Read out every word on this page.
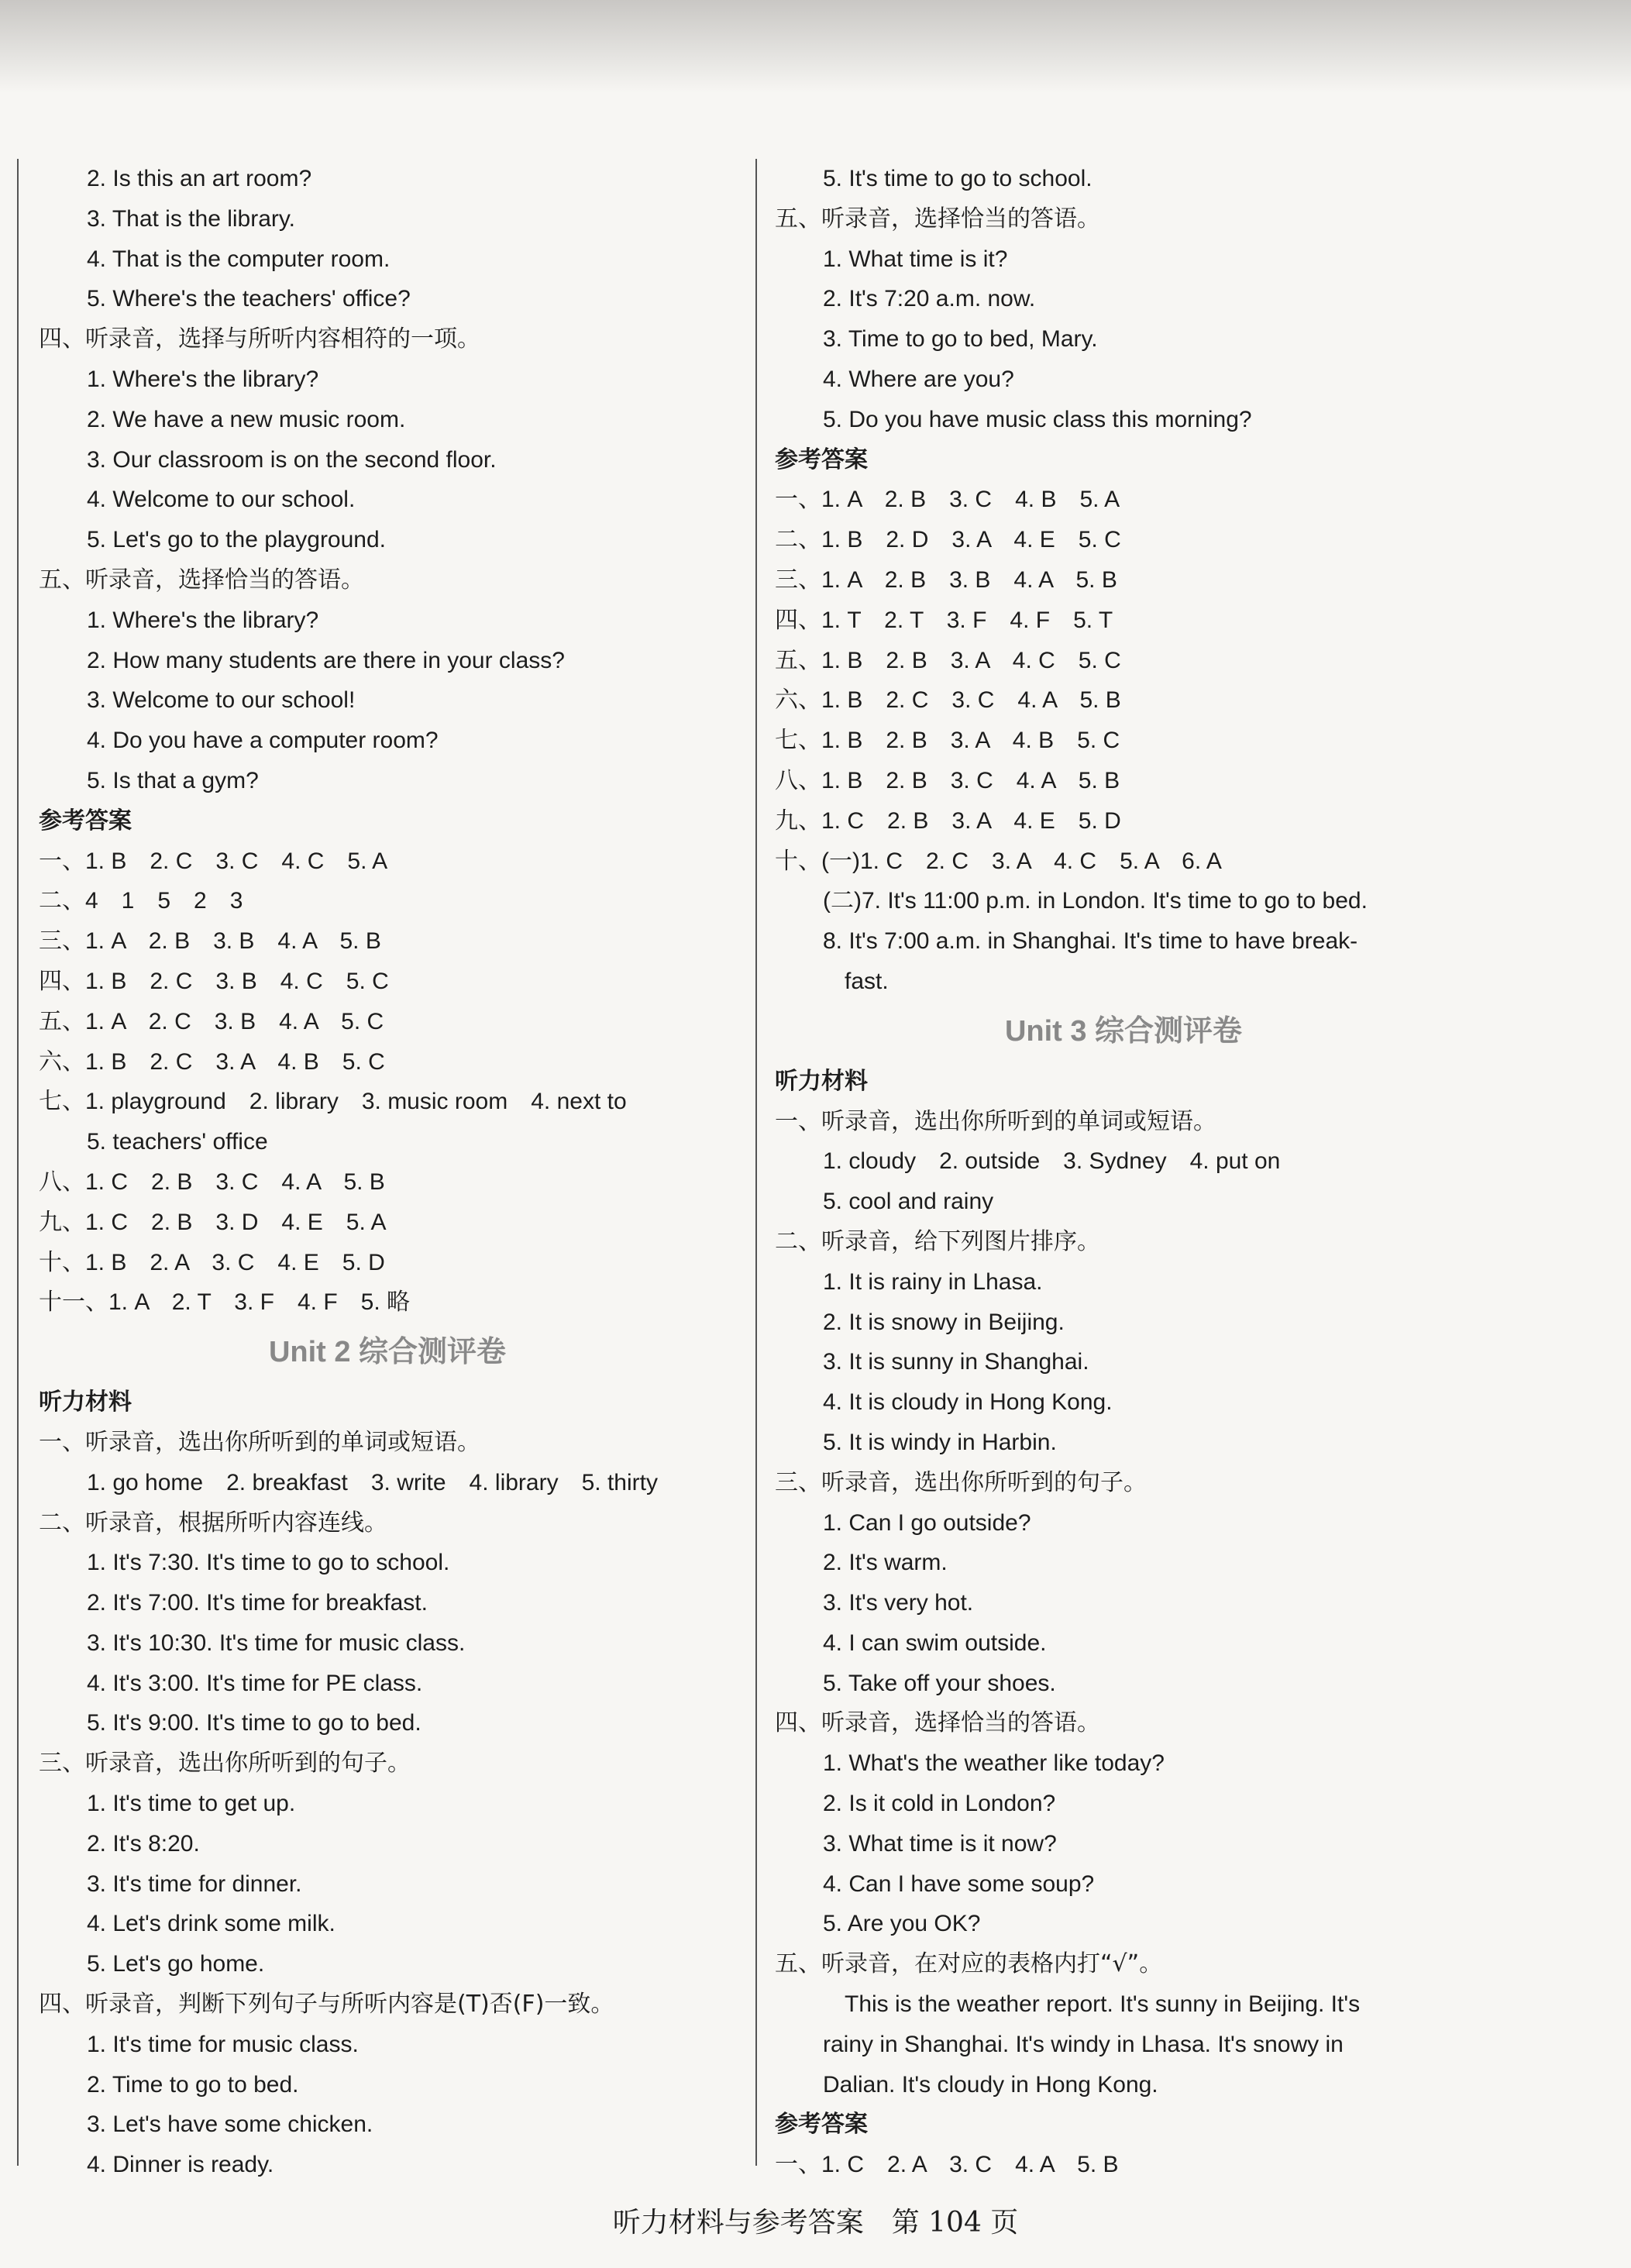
2. Is this an art room?
3. That is the library.
4. That is the computer room.
5. Where's the teachers' office?
四、听录音，选择与所听内容相符的一项。
1. Where's the library?
2. We have a new music room.
3. Our classroom is on the second floor.
4. Welcome to our school.
5. Let's go to the playground.
五、听录音，选择恰当的答语。
1. Where's the library?
2. How many students are there in your class?
3. Welcome to our school!
4. Do you have a computer room?
5. Is that a gym?
参考答案
一、1. B　2. C　3. C　4. C　5. A
二、4　1　5　2　3
三、1. A　2. B　3. B　4. A　5. B
四、1. B　2. C　3. B　4. C　5. C
五、1. A　2. C　3. B　4. A　5. C
六、1. B　2. C　3. A　4. B　5. C
七、1. playground　2. library　3. music room　4. next to
5. teachers' office
八、1. C　2. B　3. C　4. A　5. B
九、1. C　2. B　3. D　4. E　5. A
十、1. B　2. A　3. C　4. E　5. D
十一、1. A　2. T　3. F　4. F　5. 略
Unit 2 综合测评卷
听力材料
一、听录音，选出你所听到的单词或短语。
1. go home　2. breakfast　3. write　4. library　5. thirty
二、听录音，根据所听内容连线。
1. It's 7:30. It's time to go to school.
2. It's 7:00. It's time for breakfast.
3. It's 10:30. It's time for music class.
4. It's 3:00. It's time for PE class.
5. It's 9:00. It's time to go to bed.
三、听录音，选出你所听到的句子。
1. It's time to get up.
2. It's 8:20.
3. It's time for dinner.
4. Let's drink some milk.
5. Let's go home.
四、听录音，判断下列句子与所听内容是(T)否(F)一致。
1. It's time for music class.
2. Time to go to bed.
3. Let's have some chicken.
4. Dinner is ready.
5. It's time to go to school.
五、听录音，选择恰当的答语。
1. What time is it?
2. It's 7:20 a.m. now.
3. Time to go to bed, Mary.
4. Where are you?
5. Do you have music class this morning?
参考答案
一、1. A　2. B　3. C　4. B　5. A
二、1. B　2. D　3. A　4. E　5. C
三、1. A　2. B　3. B　4. A　5. B
四、1. T　2. T　3. F　4. F　5. T
五、1. B　2. B　3. A　4. C　5. C
六、1. B　2. C　3. C　4. A　5. B
七、1. B　2. B　3. A　4. B　5. C
八、1. B　2. B　3. C　4. A　5. B
九、1. C　2. B　3. A　4. E　5. D
十、(一)1. C　2. C　3. A　4. C　5. A　6. A
(二)7. It's 11:00 p.m. in London. It's time to go to bed.
8. It's 7:00 a.m. in Shanghai. It's time to have break-
fast.
Unit 3 综合测评卷
听力材料
一、听录音，选出你所听到的单词或短语。
1. cloudy　2. outside　3. Sydney　4. put on
5. cool and rainy
二、听录音，给下列图片排序。
1. It is rainy in Lhasa.
2. It is snowy in Beijing.
3. It is sunny in Shanghai.
4. It is cloudy in Hong Kong.
5. It is windy in Harbin.
三、听录音，选出你所听到的句子。
1. Can I go outside?
2. It's warm.
3. It's very hot.
4. I can swim outside.
5. Take off your shoes.
四、听录音，选择恰当的答语。
1. What's the weather like today?
2. Is it cold in London?
3. What time is it now?
4. Can I have some soup?
5. Are you OK?
五、听录音，在对应的表格内打“√”。
This is the weather report. It's sunny in Beijing. It's
rainy in Shanghai. It's windy in Lhasa. It's snowy in
Dalian. It's cloudy in Hong Kong.
参考答案
一、1. C　2. A　3. C　4. A　5. B
听力材料与参考答案　第 104 页
